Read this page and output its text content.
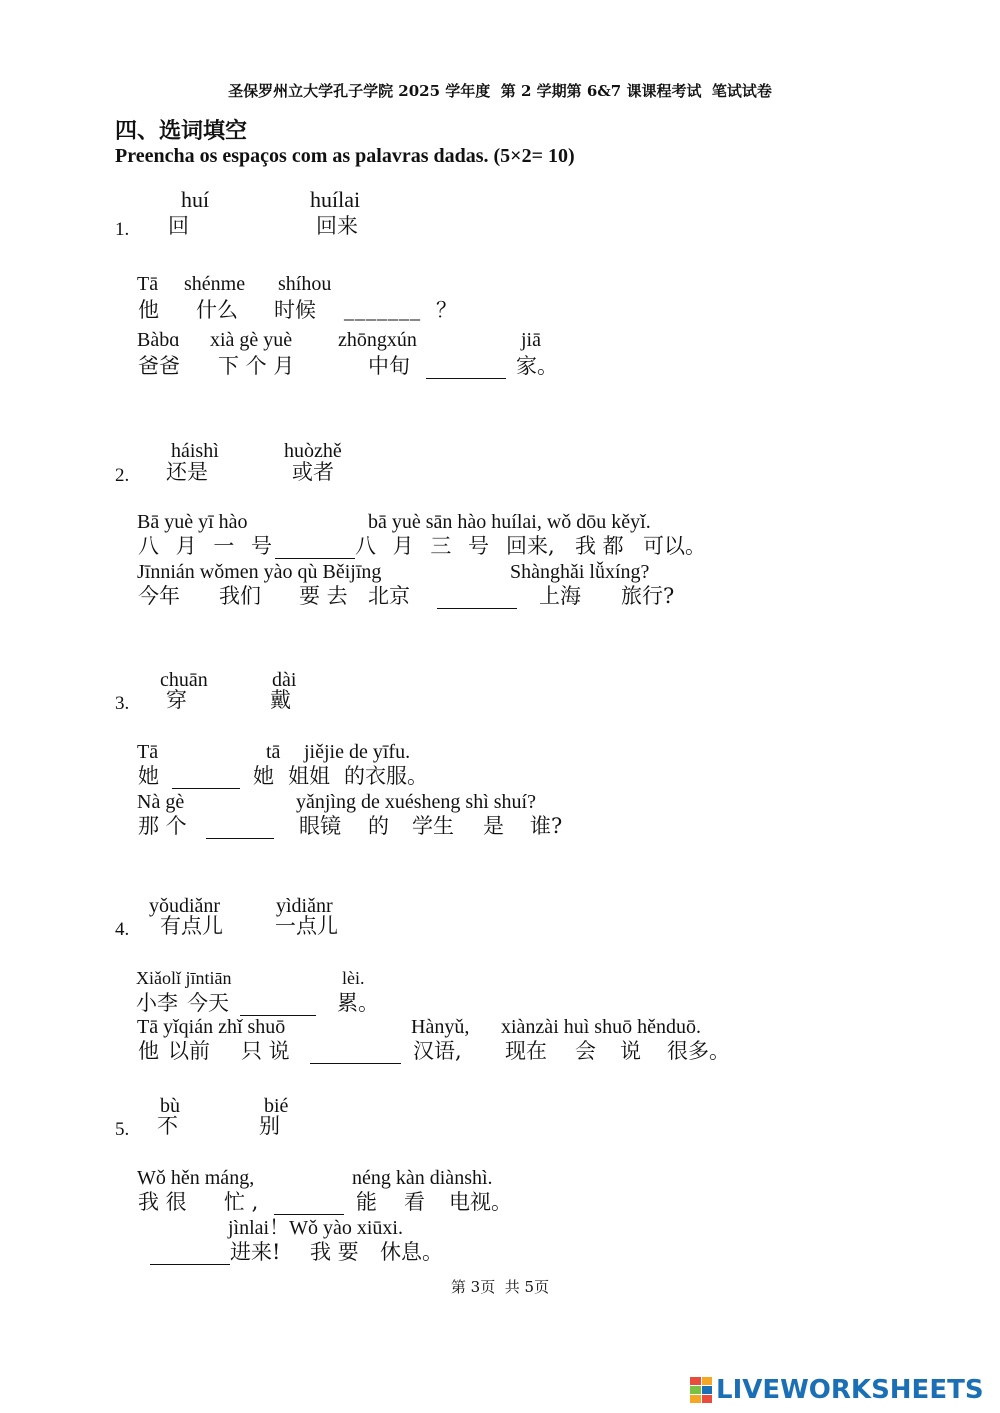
圣保罗州立大学孔子学院 2025 学年度  第 2 学期第 6&7 课课程考试  笔试试卷
四、选词填空
Preencha os espaços com as palavras dadas. (5×2= 10)
huí	huílai
1. 回	回来
Tā shénme shíhou
他 什么 时候 _______ ？
Bàbɑ xià gè yuè zhōngxún	jiā
爸爸 下 个 月	中旬	家。
háishì	huòzhě
2. 还是	或者
Bā yuè yī hào	bā yuè sān hào huílai, wǒ dōu kěyǐ.
八 月 一 号	八 月 三 号 回来, 我 都 可以。
Jīnnián wǒmen yào qù Běijīng	Shànghǎi lǚxíng?
今年 我们 要 去 北京	上海 旅行?
chuān	dài
3. 穿	戴
Tā	tā jiějie de yīfu.
她	她 姐姐 的衣服。
Nà gè	yǎnjìng de xuésheng shì shuí?
那 个	眼镜 的 学生 是 谁?
yǒudiǎnr	yìdiǎnr
4. 有点儿 一点儿
Xiǎolǐ jīntiān	lèi.
小李 今天	累。
Tā yǐqián zhǐ shuō	Hànyǔ, xiànzài huì shuō hěnduō.
他 以前 只 说	汉语, 现在 会 说 很多。
bù	bié
5. 不	别
Wǒ hěn máng,	néng kàn diànshì.
我 很 忙 ,	能 看 电视。
jìnlai！Wǒ yào xiūxi.
进来! 我 要 休息。
第 3页  共 5页
LIVEWORKSHEETS
